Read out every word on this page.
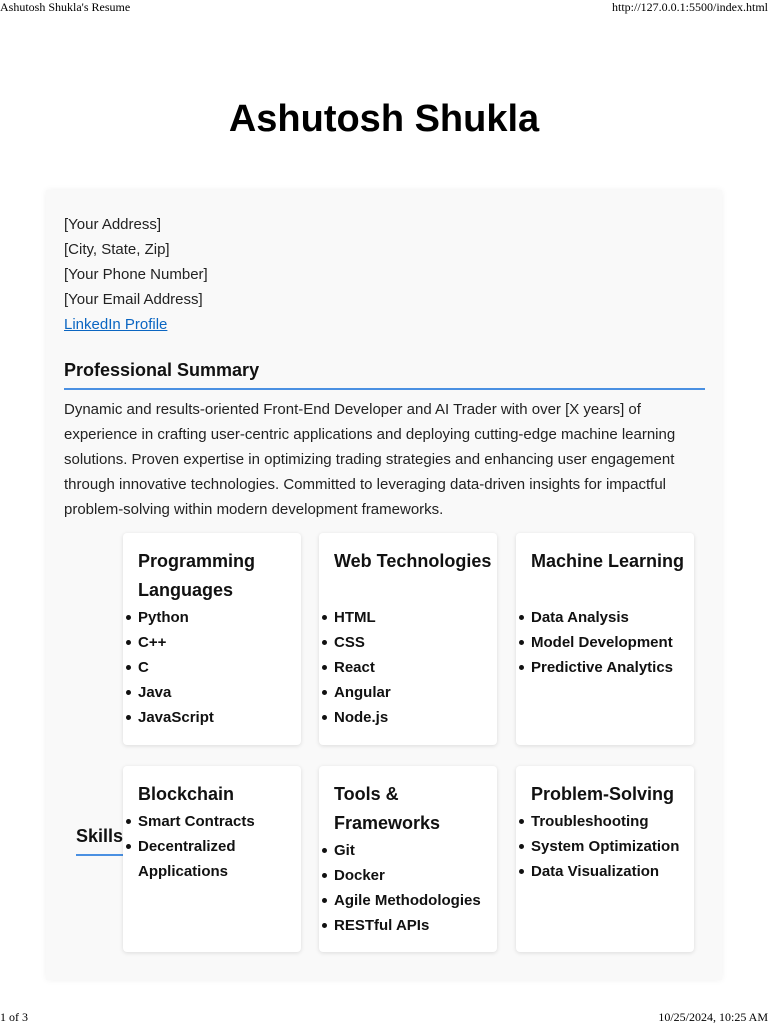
Ashutosh Shukla's Resume	http://127.0.0.1:5500/index.html
Ashutosh Shukla
[Your Address]
[City, State, Zip]
[Your Phone Number]
[Your Email Address]
LinkedIn Profile
Professional Summary
Dynamic and results-oriented Front-End Developer and AI Trader with over [X years] of experience in crafting user-centric applications and deploying cutting-edge machine learning solutions. Proven expertise in optimizing trading strategies and enhancing user engagement through innovative technologies. Committed to leveraging data-driven insights for impactful problem-solving within modern development frameworks.
Skills
Programming Languages
Python
C++
C
Java
JavaScript
Web Technologies
HTML
CSS
React
Angular
Node.js
Machine Learning
Data Analysis
Model Development
Predictive Analytics
Blockchain
Smart Contracts
Decentralized Applications
Tools & Frameworks
Git
Docker
Agile Methodologies
RESTful APIs
Problem-Solving
Troubleshooting
System Optimization
Data Visualization
1 of 3	10/25/2024, 10:25 AM
